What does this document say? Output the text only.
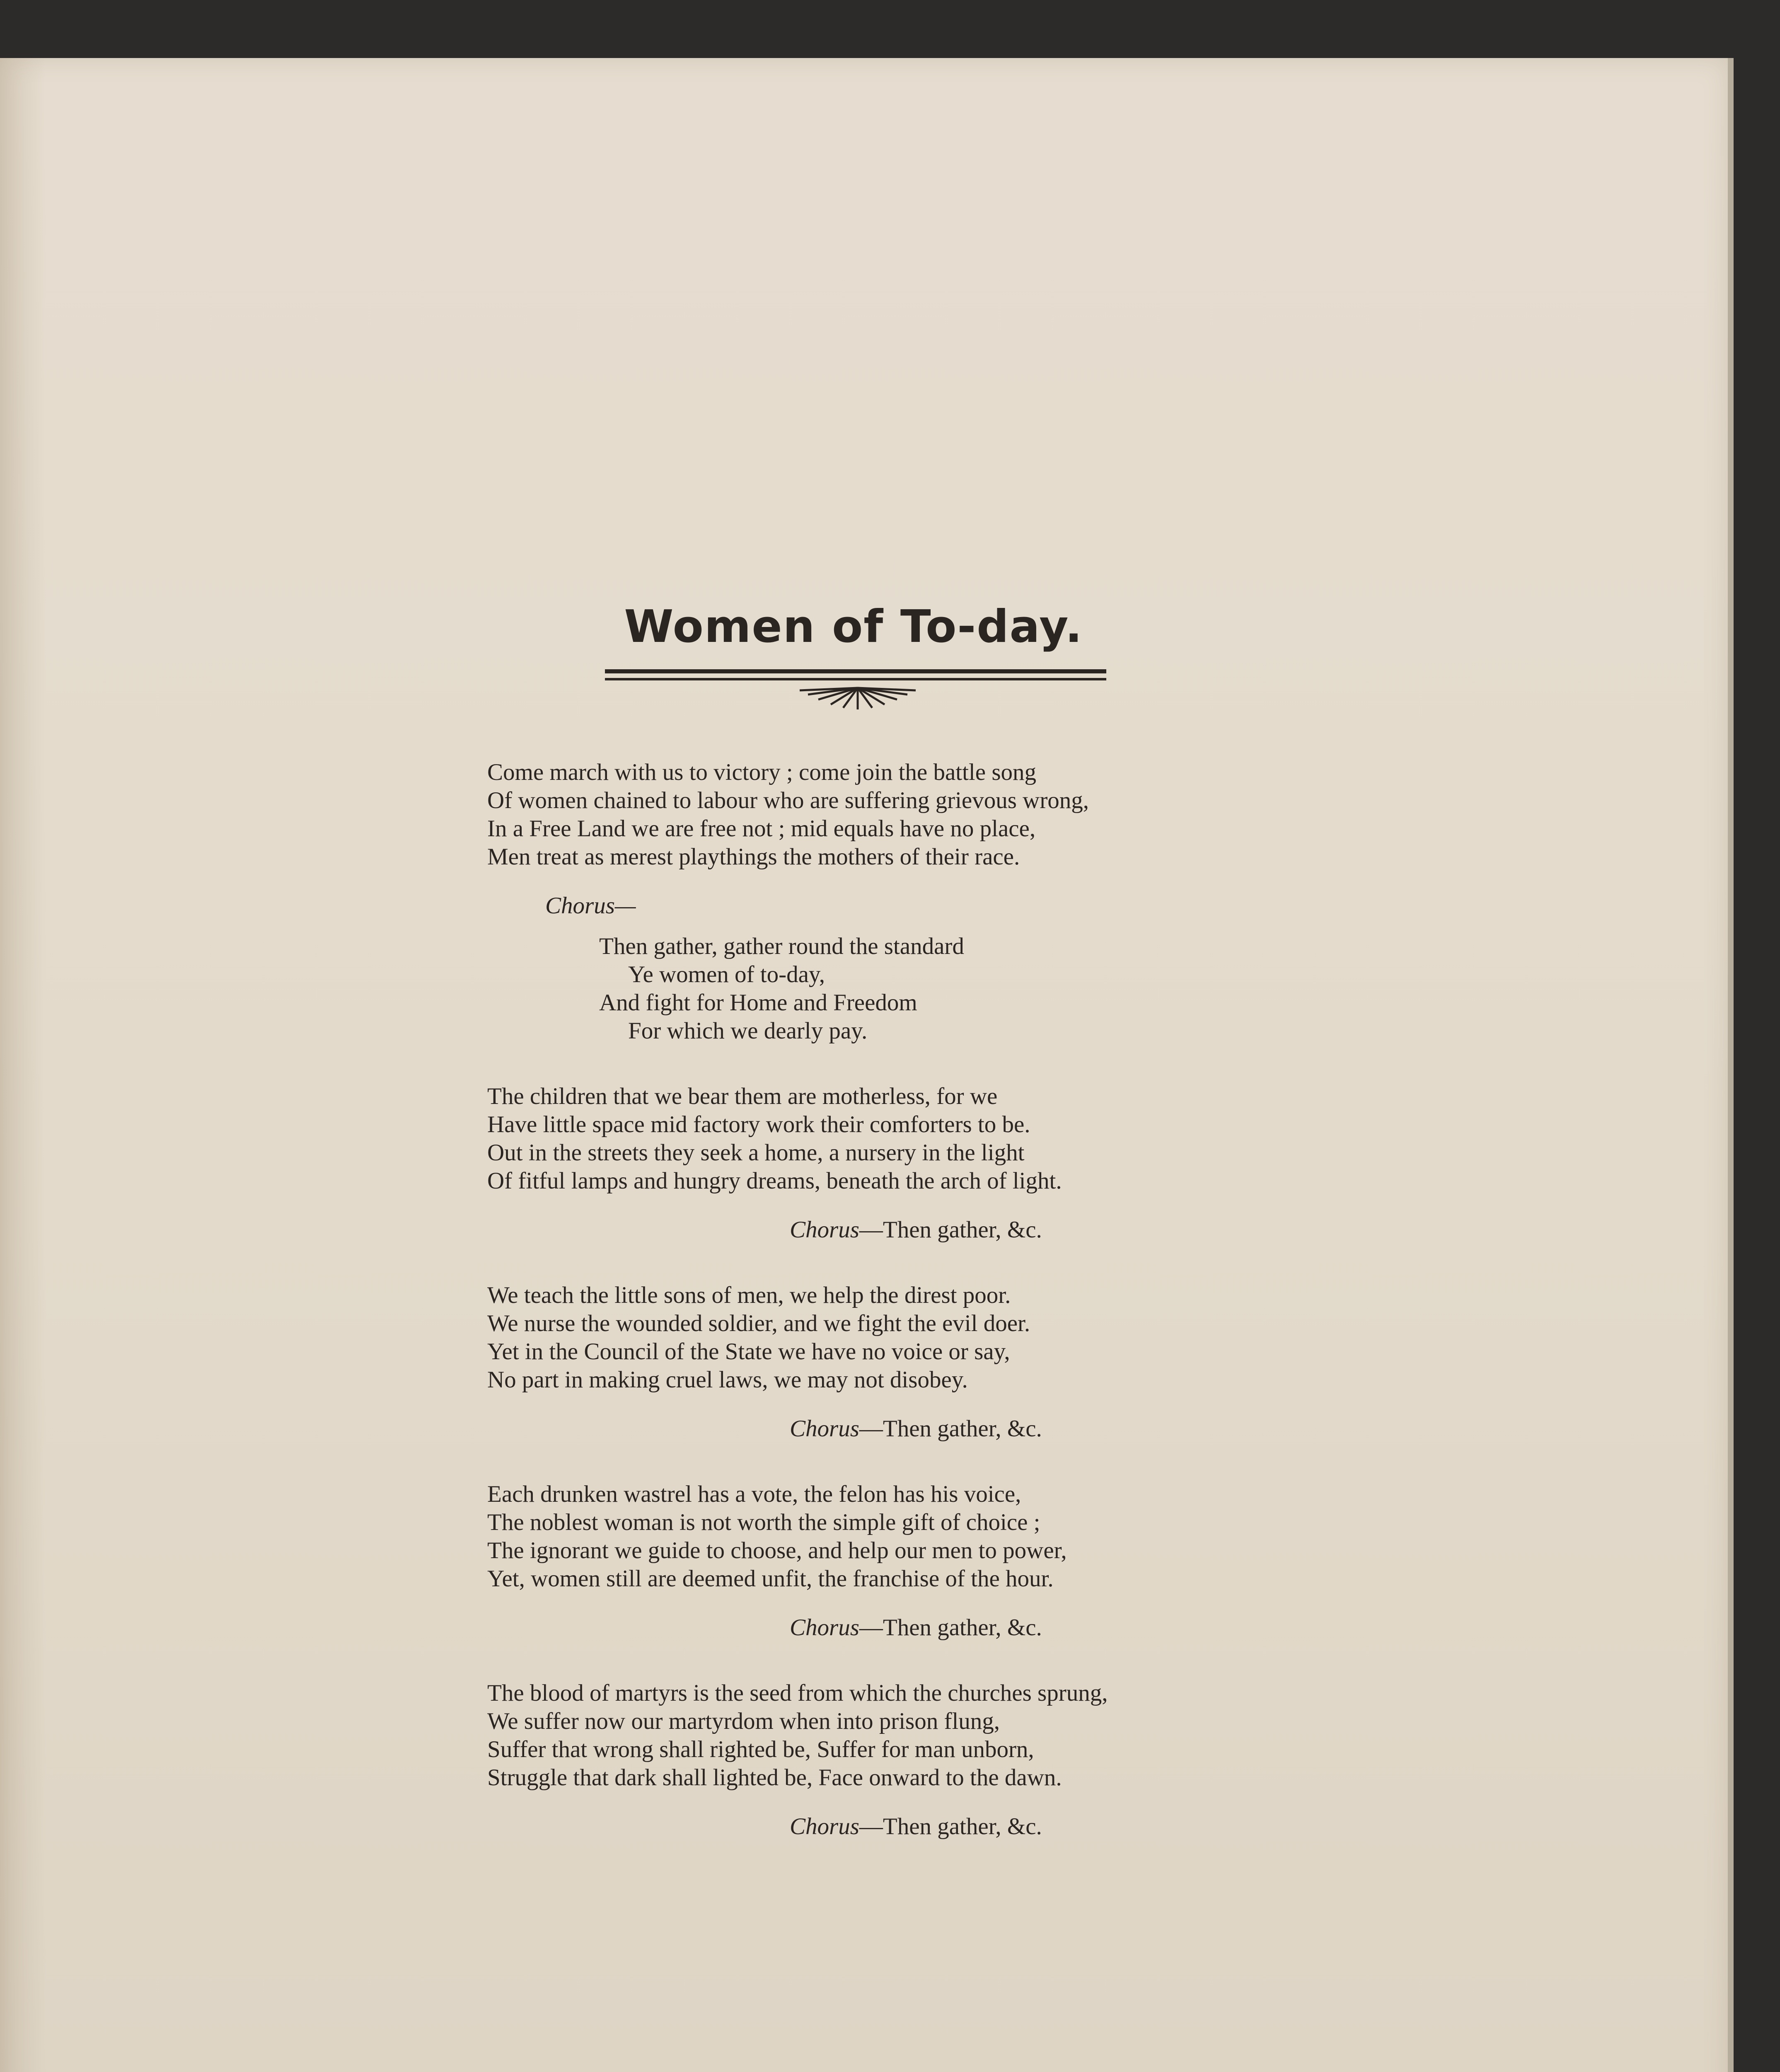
Women of To-day.
Come march with us to victory ; come join the battle song
Of women chained to labour who are suffering grievous wrong,
In a Free Land we are free not ; mid equals have no place,
Men treat as merest playthings the mothers of their race.
Chorus—
Then gather, gather round the standard
Ye women of to-day,
And fight for Home and Freedom
For which we dearly pay.
The children that we bear them are motherless, for we
Have little space mid factory work their comforters to be.
Out in the streets they seek a home, a nursery in the light
Of fitful lamps and hungry dreams, beneath the arch of light.
Chorus—Then gather, &c.
We teach the little sons of men, we help the direst poor.
We nurse the wounded soldier, and we fight the evil doer.
Yet in the Council of the State we have no voice or say,
No part in making cruel laws, we may not disobey.
Chorus—Then gather, &c.
Each drunken wastrel has a vote, the felon has his voice,
The noblest woman is not worth the simple gift of choice ;
The ignorant we guide to choose, and help our men to power,
Yet, women still are deemed unfit, the franchise of the hour.
Chorus—Then gather, &c.
The blood of martyrs is the seed from which the churches sprung,
We suffer now our martyrdom when into prison flung,
Suffer that wrong shall righted be, Suffer for man unborn,
Struggle that dark shall lighted be, Face onward to the dawn.
Chorus—Then gather, &c.
